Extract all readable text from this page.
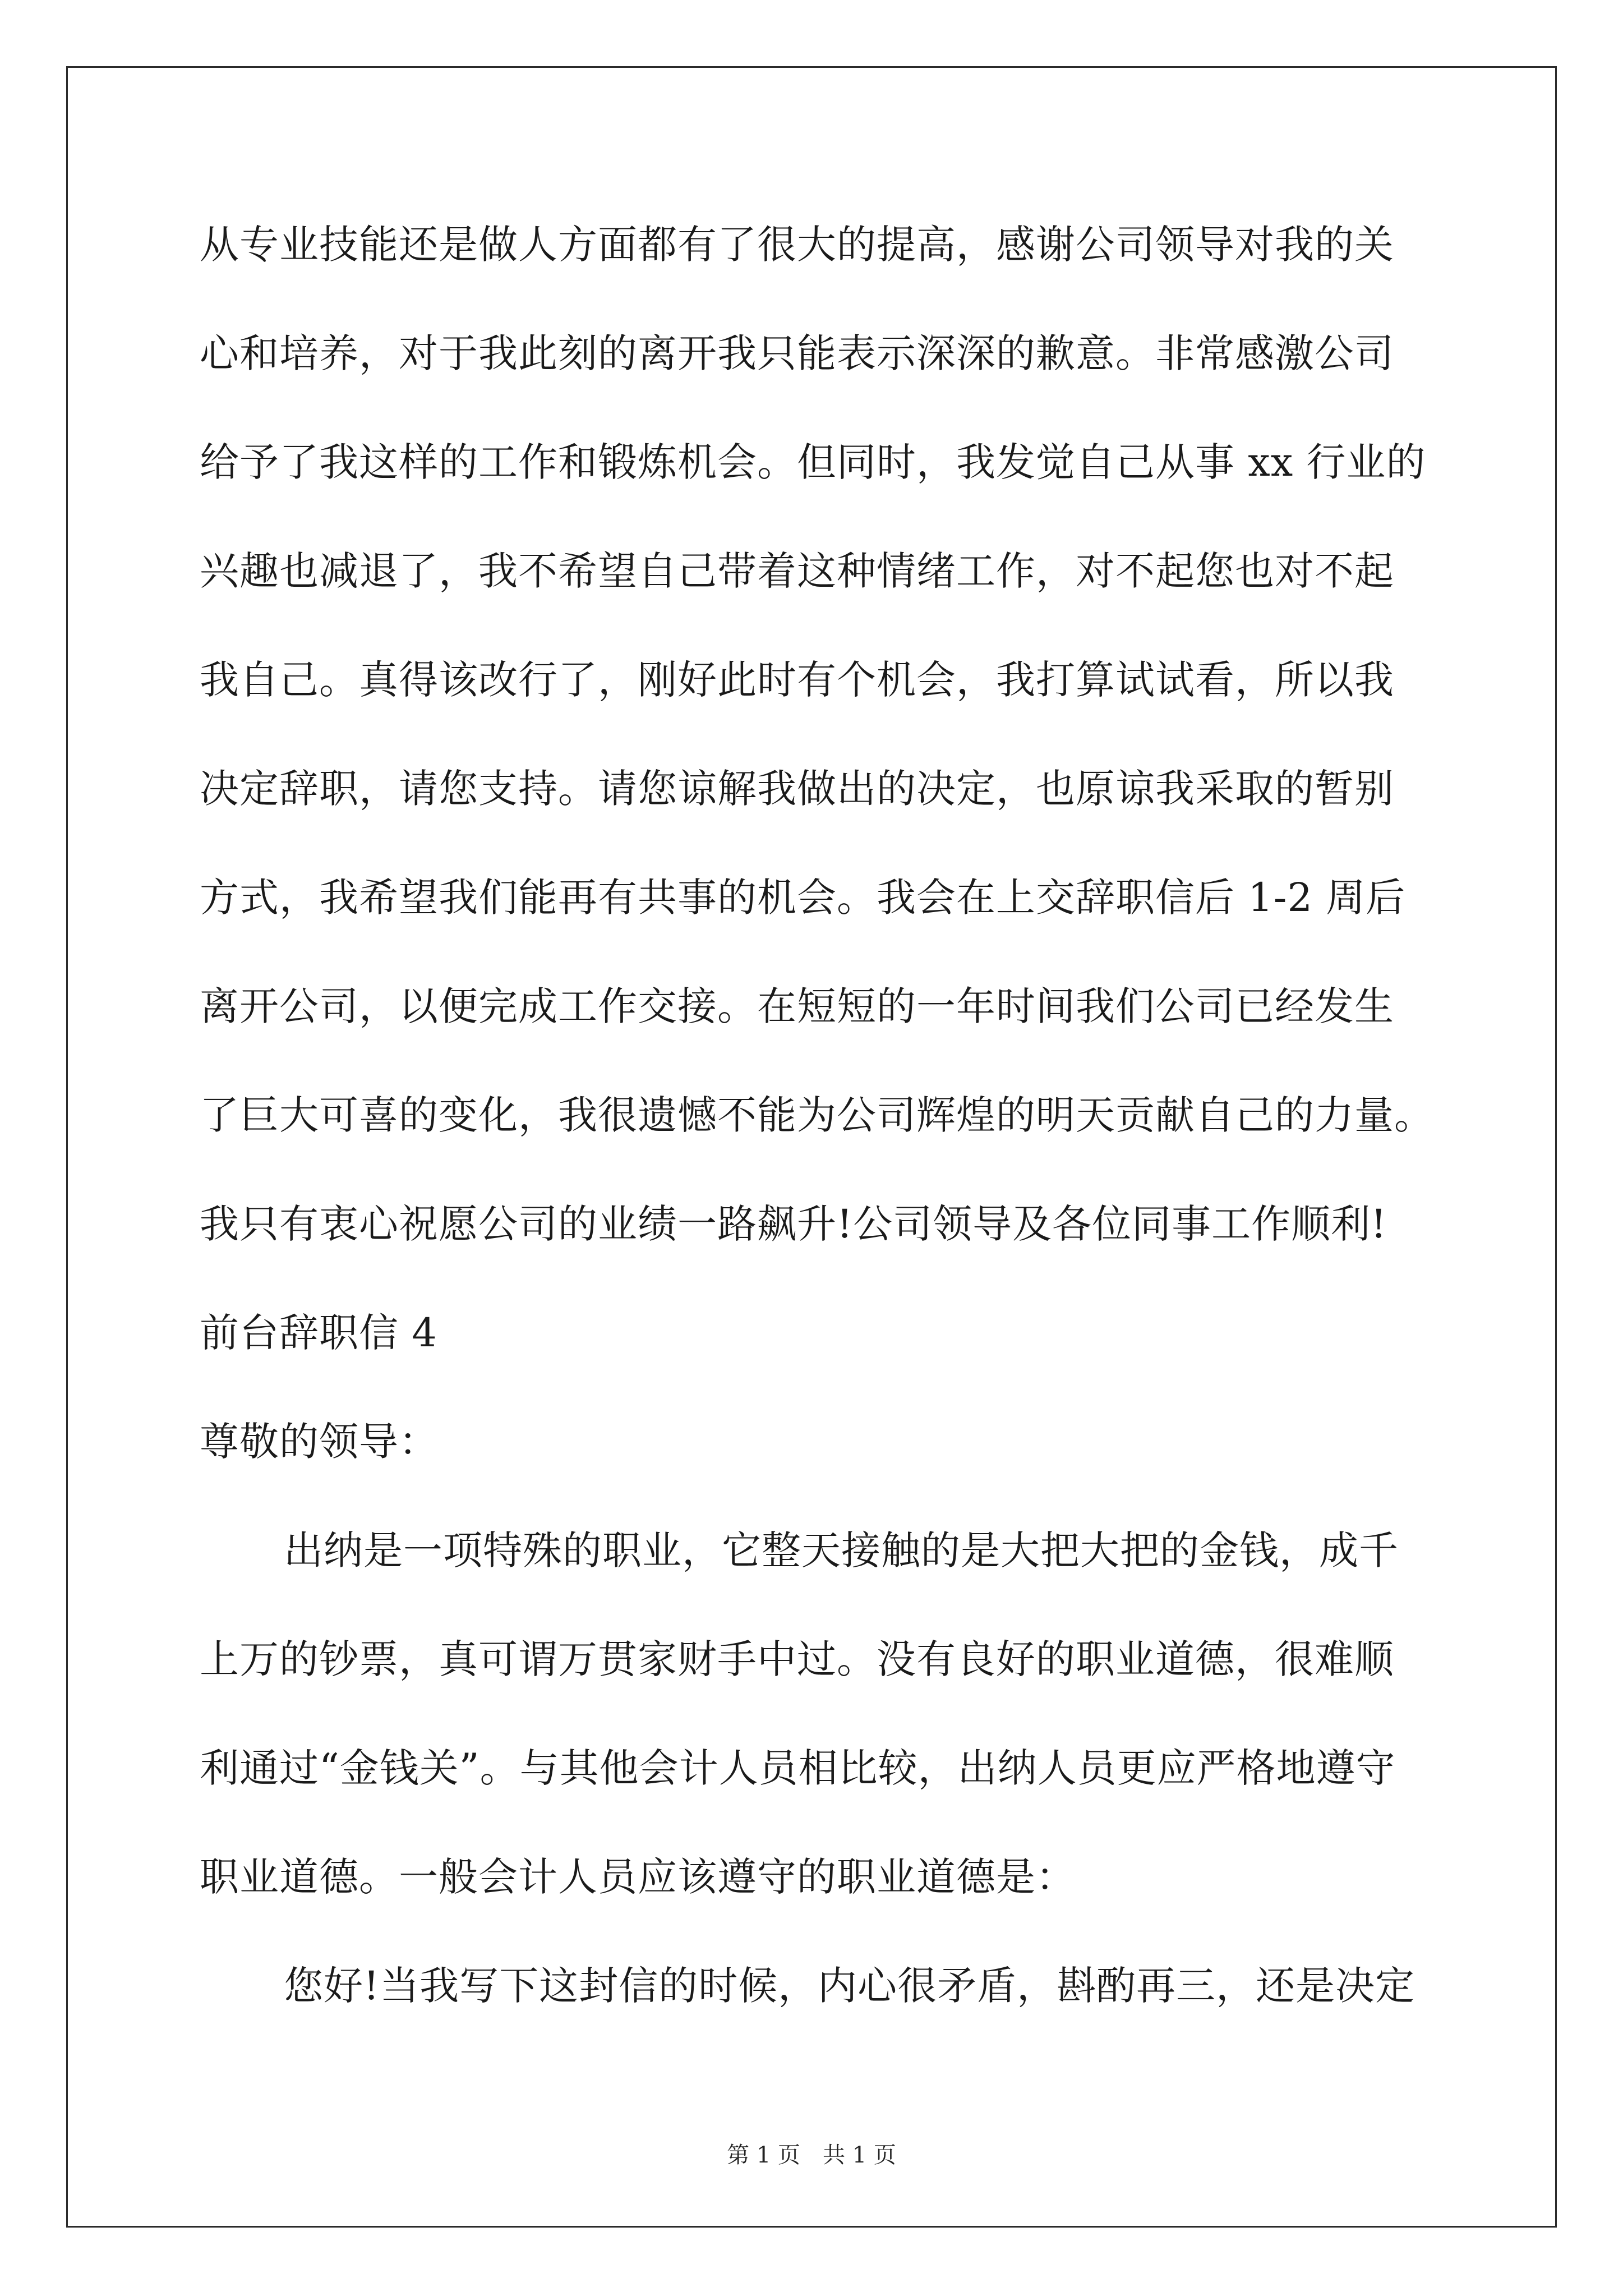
从专业技能还是做人方面都有了很大的提高，感谢公司领导对我的关
心和培养，对于我此刻的离开我只能表示深深的歉意。非常感激公司
给予了我这样的工作和锻炼机会。但同时，我发觉自己从事 xx 行业的
兴趣也减退了，我不希望自己带着这种情绪工作，对不起您也对不起
我自己。真得该改行了，刚好此时有个机会，我打算试试看，所以我
决定辞职，请您支持。请您谅解我做出的决定，也原谅我采取的暂别
方式，我希望我们能再有共事的机会。我会在上交辞职信后 1-2 周后
离开公司，以便完成工作交接。在短短的一年时间我们公司已经发生
了巨大可喜的变化，我很遗憾不能为公司辉煌的明天贡献自己的力量。
我只有衷心祝愿公司的业绩一路飙升!公司领导及各位同事工作顺利!
前台辞职信 4
尊敬的领导：
出纳是一项特殊的职业，它整天接触的是大把大把的金钱，成千
上万的钞票，真可谓万贯家财手中过。没有良好的职业道德，很难顺
利通过“金钱关”。与其他会计人员相比较，出纳人员更应严格地遵守
职业道德。一般会计人员应该遵守的职业道德是：
您好!当我写下这封信的时候，内心很矛盾，斟酌再三，还是决定
第 1 页 共 1 页
